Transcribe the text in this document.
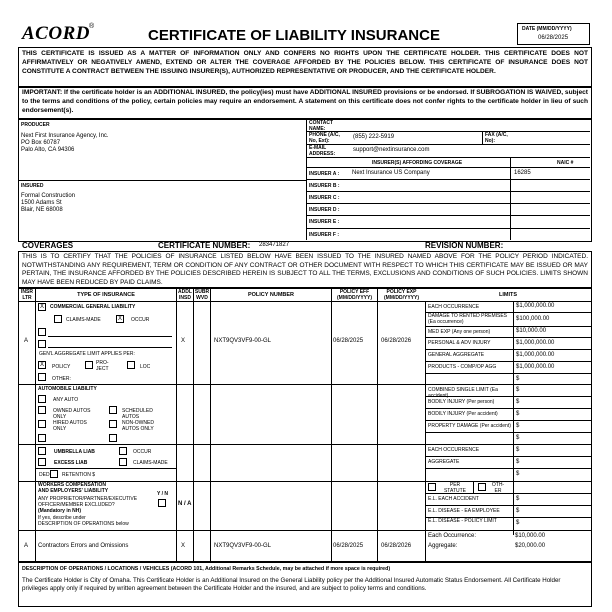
ACORD ®
CERTIFICATE OF LIABILITY INSURANCE	DATE (MM/DD/YYYY)
06/28/2025
THIS CERTIFICATE IS ISSUED AS A MATTER OF INFORMATION ONLY AND CONFERS NO RIGHTS UPON THE CERTIFICATE HOLDER. THIS CERTIFICATE DOES NOT AFFIRMATIVELY OR NEGATIVELY AMEND, EXTEND OR ALTER THE COVERAGE AFFORDED BY THE POLICIES BELOW. THIS CERTIFICATE OF INSURANCE DOES NOT CONSTITUTE A CONTRACT BETWEEN THE ISSUING INSURER(S), AUTHORIZED REPRESENTATIVE OR PRODUCER, AND THE CERTIFICATE HOLDER.
IMPORTANT: If the certificate holder is an ADDITIONAL INSURED, the policy(ies) must have ADDITIONAL INSURED provisions or be endorsed. If SUBROGATION IS WAIVED, subject to the terms and conditions of the policy, certain policies may require an endorsement. A statement on this certificate does not confer rights to the certificate holder in lieu of such endorsement(s).
PRODUCER
Next First Insurance Agency, Inc.
PO Box 60787
Palo Alto, CA 94306
INSURED
Formal Construction
1500 Adams St
Blair, NE 68008
CONTACT NAME:
PHONE (A/C, No, Ext):
(855) 222-5919	FAX (A/C, No):
E-MAIL ADDRESS:
support@nextinsurance.com
INSURER(S) AFFORDING COVERAGE	NAIC #
INSURER A : Next Insurance US Company	16285
INSURER B :
INSURER C :
INSURER D :
INSURER E :
INSURER F :
COVERAGES	CERTIFICATE NUMBER: 283471827	REVISION NUMBER:
THIS IS TO CERTIFY THAT THE POLICIES OF INSURANCE LISTED BELOW HAVE BEEN ISSUED TO THE INSURED NAMED ABOVE FOR THE POLICY PERIOD INDICATED. NOTWITHSTANDING ANY REQUIREMENT, TERM OR CONDITION OF ANY CONTRACT OR OTHER DOCUMENT WITH RESPECT TO WHICH THIS CERTIFICATE MAY BE ISSUED OR MAY PERTAIN, THE INSURANCE AFFORDED BY THE POLICIES DESCRIBED HEREIN IS SUBJECT TO ALL THE TERMS, EXCLUSIONS AND CONDITIONS OF SUCH POLICIES. LIMITS SHOWN MAY HAVE BEEN REDUCED BY PAID CLAIMS.
INSR LTR	TYPE OF INSURANCE	ADDL INSD
SUBR WVD	POLICY NUMBER	POLICY EFF (MM/DD/YYYY)
POLICY EXP (MM/DD/YYYY)	LIMITS
A
X	COMMERCIAL GENERAL LIABILITY
CLAIMS-MADE	X	OCCUR
GEN'L AGGREGATE LIMIT APPLIES PER:
X	POLICY
PRO- JECT	LOC
OTHER:
X	NXT9QV3VF9-00-GL	06/28/2025	06/28/2026
EACH OCCURRENCE	$1,000,000.00
DAMAGE TO RENTED PREMISES (Ea occurrence)
$100,000.00
MED EXP (Any one person)	$10,000.00
PERSONAL & ADV INJURY	$1,000,000.00
GENERAL AGGREGATE	$1,000,000.00
PRODUCTS - COMP/OP AGG	$1,000,000.00
$
AUTOMOBILE LIABILITY
ANY AUTO
OWNED AUTOS ONLY
SCHEDULED AUTOS
HIRED AUTOS ONLY
NON-OWNED AUTOS ONLY
COMBINED SINGLE LIMIT (Ea accident)
$
BODILY INJURY (Per person)	$
BODILY INJURY (Per accident)	$
PROPERTY DAMAGE (Per accident) $
$
UMBRELLA LIAB	OCCUR
EXCESS LIAB	CLAIMS-MADE
DED RETENTION $
EACH OCCURRENCE	$
AGGREGATE	$
$
WORKERS COMPENSATION
AND EMPLOYERS' LIABILITY	Y / N
ANY PROPRIETOR/PARTNER/EXECUTIVE
OFFICER/MEMBER EXCLUDED?
(Mandatory in NH)
If yes, describe under
DESCRIPTION OF OPERATIONS below
N / A
PER STATUTE
OTH- ER
E.L. EACH ACCIDENT	$
E.L. DISEASE - EA EMPLOYEE	$
E.L. DISEASE - POLICY LIMIT	$
A Contractors Errors and Omissions	X	NXT9QV3VF9-00-GL	06/28/2025	06/28/2026
Each Occurrence:	$10,000.00
Aggregate:	$20,000.00
DESCRIPTION OF OPERATIONS / LOCATIONS / VEHICLES (ACORD 101, Additional Remarks Schedule, may be attached if more space is required)
The Certificate Holder is City of Omaha. This Certificate Holder is an Additional Insured on the General Liability policy per the Additional Insured Automatic Status Endorsement. All Certificate Holder privileges apply only if required by written agreement between the Certificate Holder and the insured, and are subject to policy terms and conditions.
